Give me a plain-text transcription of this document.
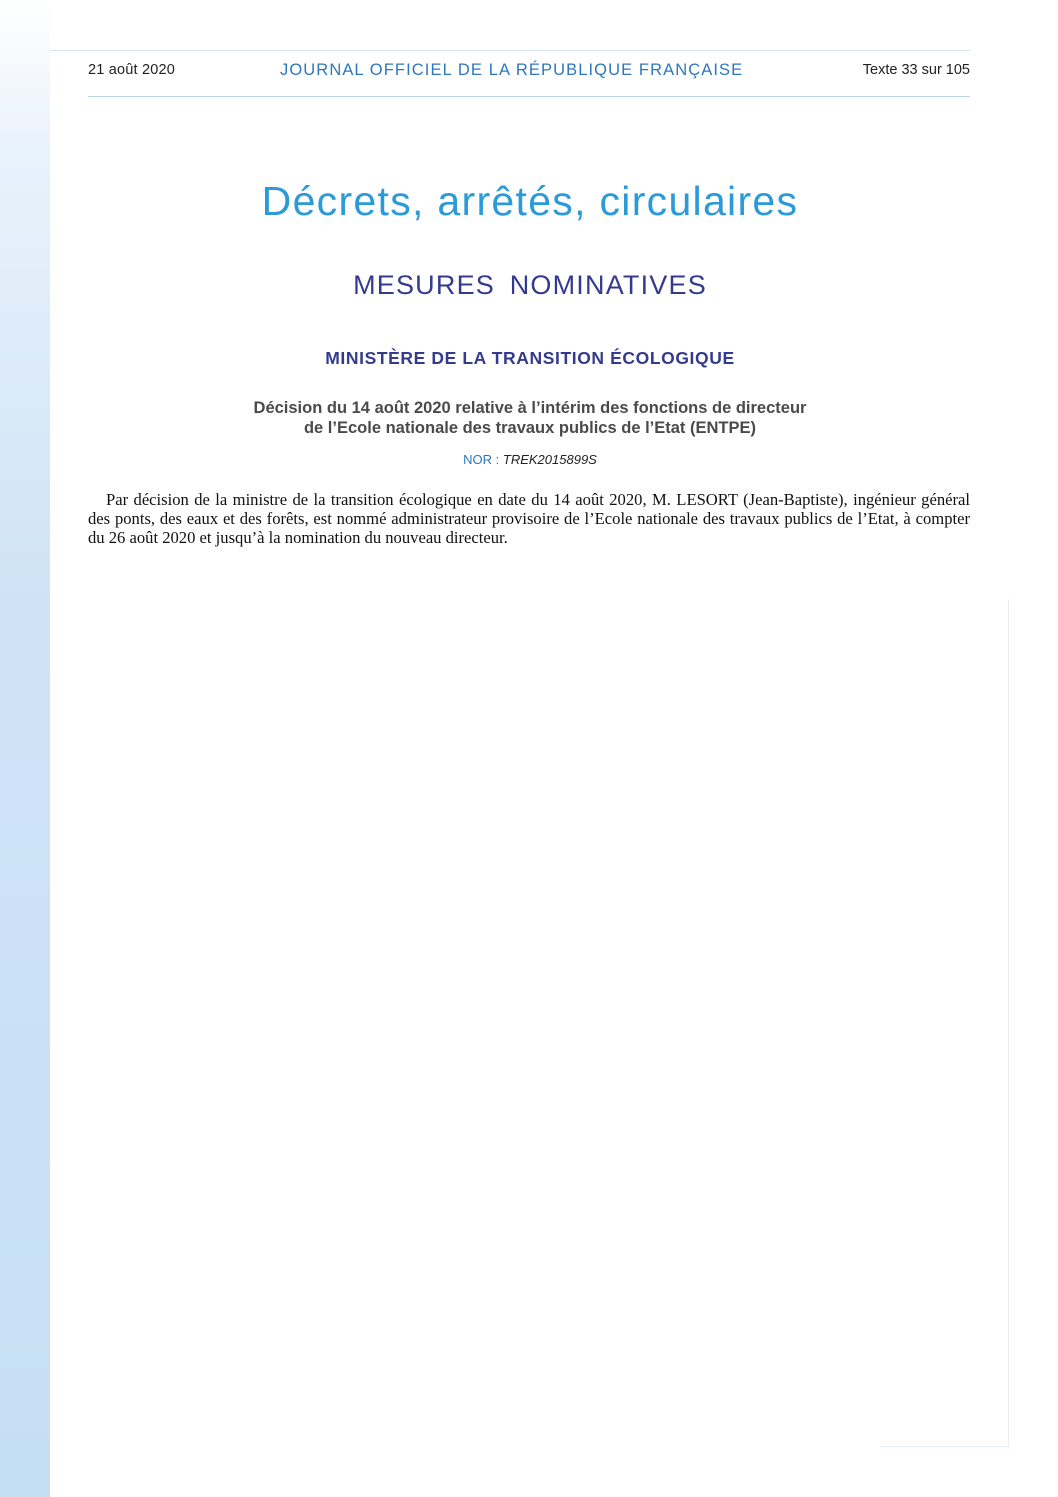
21 août 2020	JOURNAL OFFICIEL DE LA RÉPUBLIQUE FRANÇAISE	Texte 33 sur 105
Décrets, arrêtés, circulaires
MESURES NOMINATIVES
MINISTÈRE DE LA TRANSITION ÉCOLOGIQUE
Décision du 14 août 2020 relative à l’intérim des fonctions de directeur
de l’Ecole nationale des travaux publics de l’Etat (ENTPE)
NOR : TREK2015899S

Par décision de la ministre de la transition écologique en date du 14 août 2020, M. LESORT (Jean-Baptiste), ingénieur général des ponts, des eaux et des forêts, est nommé administrateur provisoire de l’Ecole nationale des travaux publics de l’Etat, à compter du 26 août 2020 et jusqu’à la nomination du nouveau directeur.
